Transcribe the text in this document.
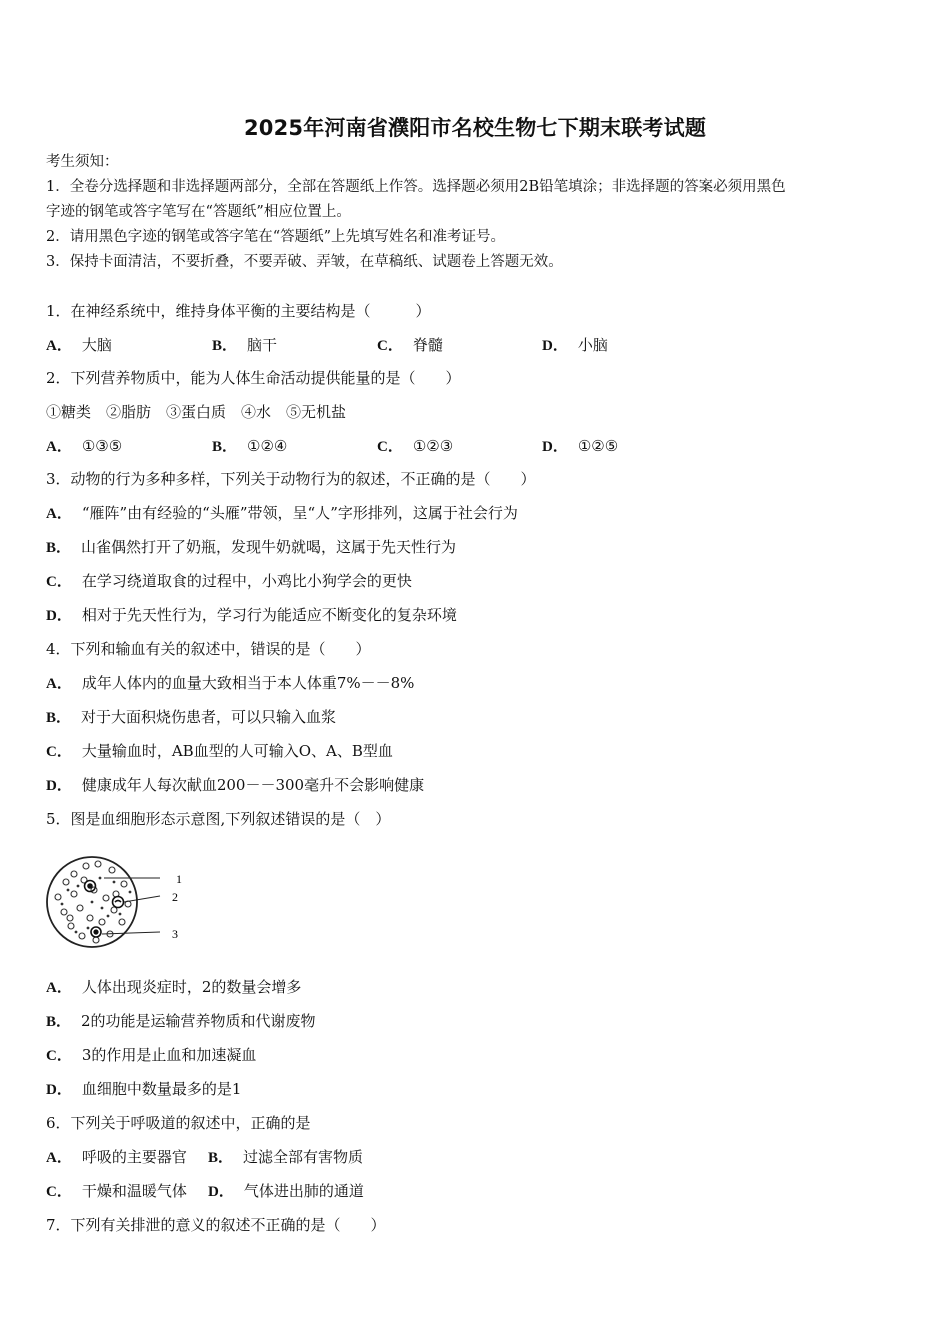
2025年河南省濮阳市名校生物七下期末联考试题
考生须知：
1．全卷分选择题和非选择题两部分，全部在答题纸上作答。选择题必须用2B铅笔填涂；非选择题的答案必须用黑色
字迹的钢笔或答字笔写在“答题纸”相应位置上。
2．请用黑色字迹的钢笔或答字笔在“答题纸”上先填写姓名和准考证号。
3．保持卡面清洁，不要折叠，不要弄破、弄皱，在草稿纸、试题卷上答题无效。
1．在神经系统中，维持身体平衡的主要结构是（　　　）
A． 大脑	B． 脑干	C． 脊髓	D． 小脑
2．下列营养物质中，能为人体生命活动提供能量的是（　　）
①糖类　②脂肪　③蛋白质　④水　⑤无机盐
A． ①③⑤	B． ①②④	C． ①②③	D． ①②⑤
3．动物的行为多种多样，下列关于动物行为的叙述，不正确的是（　　）
A． “雁阵”由有经验的“头雁”带领，呈“人”字形排列，这属于社会行为
B． 山雀偶然打开了奶瓶，发现牛奶就喝，这属于先天性行为
C． 在学习绕道取食的过程中，小鸡比小狗学会的更快
D． 相对于先天性行为，学习行为能适应不断变化的复杂环境
4．下列和输血有关的叙述中，错误的是（　　）
A． 成年人体内的血量大致相当于本人体重7%－－8%
B． 对于大面积烧伤患者，可以只输入血浆
C． 大量输血时，AB血型的人可输入O、A、B型血
D． 健康成年人每次献血200－－300毫升不会影响健康
5．图是血细胞形态示意图,下列叙述错误的是（　）
1
2
3
A． 人体出现炎症时，2的数量会增多
B． 2的功能是运输营养物质和代谢废物
C． 3的作用是止血和加速凝血
D． 血细胞中数量最多的是1
6．下列关于呼吸道的叙述中，正确的是
A． 呼吸的主要器官 B． 过滤全部有害物质
C． 干燥和温暖气体 D． 气体进出肺的通道
7．下列有关排泄的意义的叙述不正确的是（　　）
